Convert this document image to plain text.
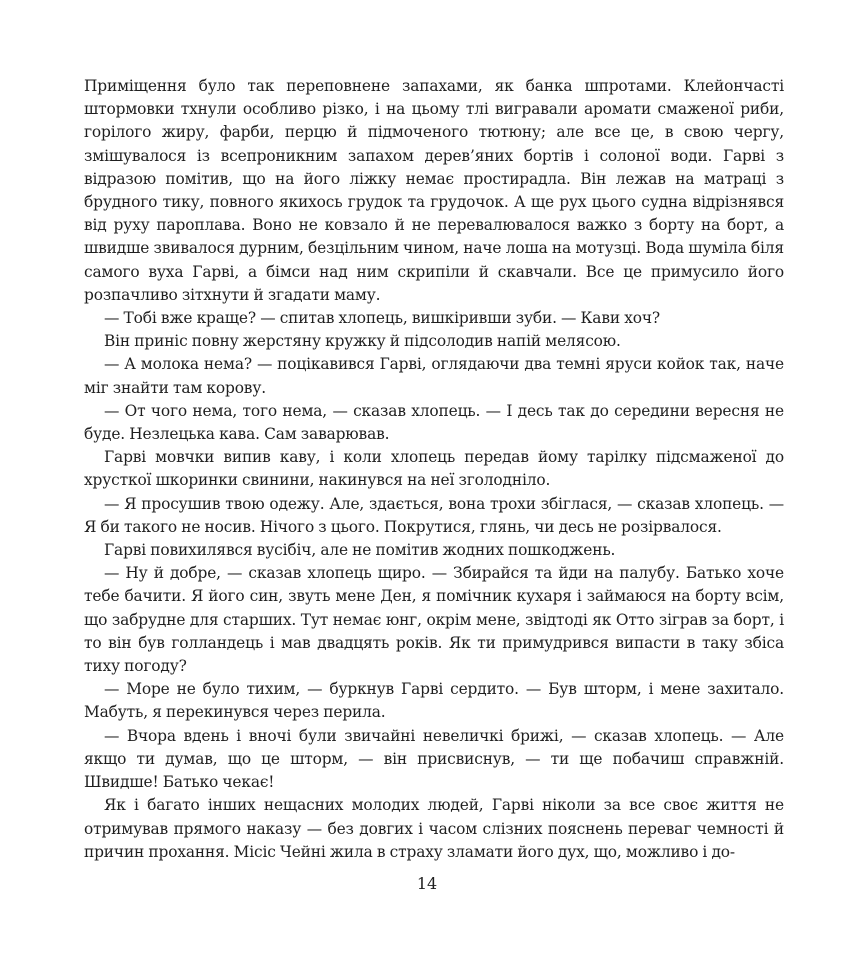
Приміщення було так переповнене запахами, як банка шпротами. Клейончасті штормовки тхнули особливо різко, і на цьому тлі вигравали аромати смаженої риби, горілого жиру, фарби, перцю й підмоченого тютюну; але все це, в свою чергу, змішувалося із всепроникним запахом дерев’яних бортів і солоної води. Гарві з відразою помітив, що на його ліжку немає простирадла. Він лежав на матраці з брудного тику, повного якихось грудок та грудочок. А ще рух цього судна відрізнявся від руху пароплава. Воно не ковзало й не перевалювалося важко з борту на борт, а швидше звивалося дурним, безцільним чином, наче лоша на мотузці. Вода шуміла біля самого вуха Гарві, а бімси над ним скрипіли й скавчали. Все це примусило його розпачливо зітхнути й згадати маму.

— Тобі вже краще? — спитав хлопець, вишкіривши зуби. — Кави хоч?

Він приніс повну жерстяну кружку й підсолодив напій мелясою.

— А молока нема? — поцікавився Гарві, оглядаючи два темні яруси койок так, наче міг знайти там корову.

— От чого нема, того нема, — сказав хлопець. — І десь так до середини вересня не буде. Незлецька кава. Сам заварював.

Гарві мовчки випив каву, і коли хлопець передав йому тарілку підсмаженої до хрусткої шкоринки свинини, накинувся на неї зголодніло.

— Я просушив твою одежу. Але, здається, вона трохи збіглася, — сказав хлопець. — Я би такого не носив. Нічого з цього. Покрутися, глянь, чи десь не розірвалося.

Гарві повихилявся вусібіч, але не помітив жодних пошкоджень.

— Ну й добре, — сказав хлопець щиро. — Збирайся та йди на палубу. Батько хоче тебе бачити. Я його син, звуть мене Ден, я помічник кухаря і займаюся на борту всім, що забрудне для старших. Тут немає юнг, окрім мене, звідтоді як Отто зіграв за борт, і то він був голландець і мав двадцять років. Як ти примудрився випасти в таку збіса тиху погоду?

— Море не було тихим, — буркнув Гарві сердито. — Був шторм, і мене захитало. Мабуть, я перекинувся через перила.

— Вчора вдень і вночі були звичайні невеличкі брижі, — сказав хлопець. — Але якщо ти думав, що це шторм, — він присвиснув, — ти ще побачиш справжній. Швидше! Батько чекає!

Як і багато інших нещасних молодих людей, Гарві ніколи за все своє життя не отримував прямого наказу — без довгих і часом слізних пояснень переваг чемності й причин прохання. Місіс Чейні жила в страху зламати його дух, що, можливо і до-

14
